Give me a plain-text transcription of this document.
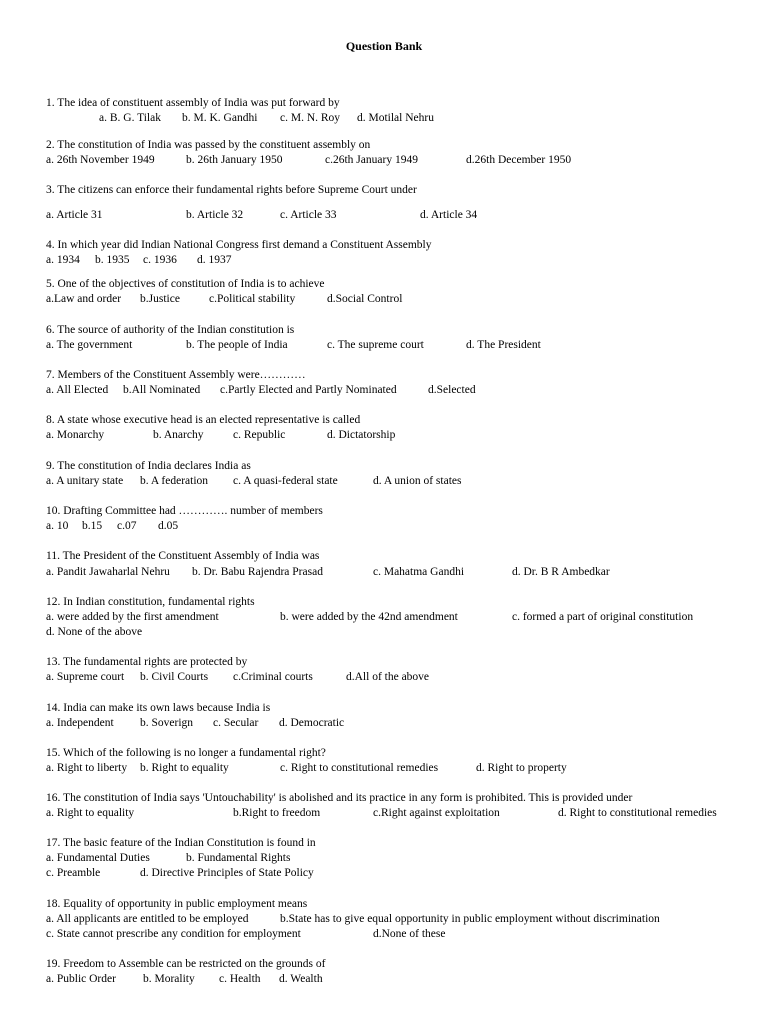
Question Bank
1. The idea of constituent assembly of India was put forward by
a. B. G. Tilak b. M. K. Gandhi c. M. N. Roy d. Motilal Nehru
2. The constitution of India was passed by the constituent assembly on
a. 26th November 1949	b. 26th January 1950	c.26th January 1949	d.26th December 1950
3. The citizens can enforce their fundamental rights before Supreme Court under
a. Article 31	b. Article 32	c. Article 33	d. Article 34
4. In which year did Indian National Congress first demand a Constituent Assembly
a. 1934 b. 1935 c. 1936 d. 1937
5. One of the objectives of constitution of India is to achieve
a.Law and order b.Justice	c.Political stability	d.Social Control
6. The source of authority of the Indian constitution is
a. The government	b. The people of India	c. The supreme court	d. The President
7. Members of the Constituent Assembly were…………
a. All Elected b.All Nominated c.Partly Elected and Partly Nominated	d.Selected
8. A state whose executive head is an elected representative is called
a. Monarchy	b. Anarchy	c. Republic	d. Dictatorship
9. The constitution of India declares India as
a. A unitary state b. A federation c. A quasi-federal state	d. A union of states
10. Drafting Committee had …………. number of members
a. 10 b.15 c.07 d.05
11. The President of the Constituent Assembly of India was
a. Pandit Jawaharlal Nehru b. Dr. Babu Rajendra Prasad	c. Mahatma Gandhi	d. Dr. B R Ambedkar
12. In Indian constitution, fundamental rights
a. were added by the first amendment	b. were added by the 42nd amendment	c. formed a part of original constitution
d. None of the above
13. The fundamental rights are protected by
a. Supreme court b. Civil Courts c.Criminal courts	d.All of the above
14. India can make its own laws because India is
a. Independent b. Soverign c. Secular d. Democratic
15. Which of the following is no longer a fundamental right?
a. Right to liberty b. Right to equality	c. Right to constitutional remedies	d. Right to property
16. The constitution of India says 'Untouchability' is abolished and its practice in any form is prohibited. This is provided under
a. Right to equality	b.Right to freedom	c.Right against exploitation	d. Right to constitutional remedies
17. The basic feature of the Indian Constitution is found in
a. Fundamental Duties	b. Fundamental Rights
c. Preamble	d. Directive Principles of State Policy
18. Equality of opportunity in public employment means
a. All applicants are entitled to be employed	b.State has to give equal opportunity in public employment without discrimination
c. State cannot prescribe any condition for employment	d.None of these
19. Freedom to Assemble can be restricted on the grounds of
a. Public Order b. Morality c. Health d. Wealth
